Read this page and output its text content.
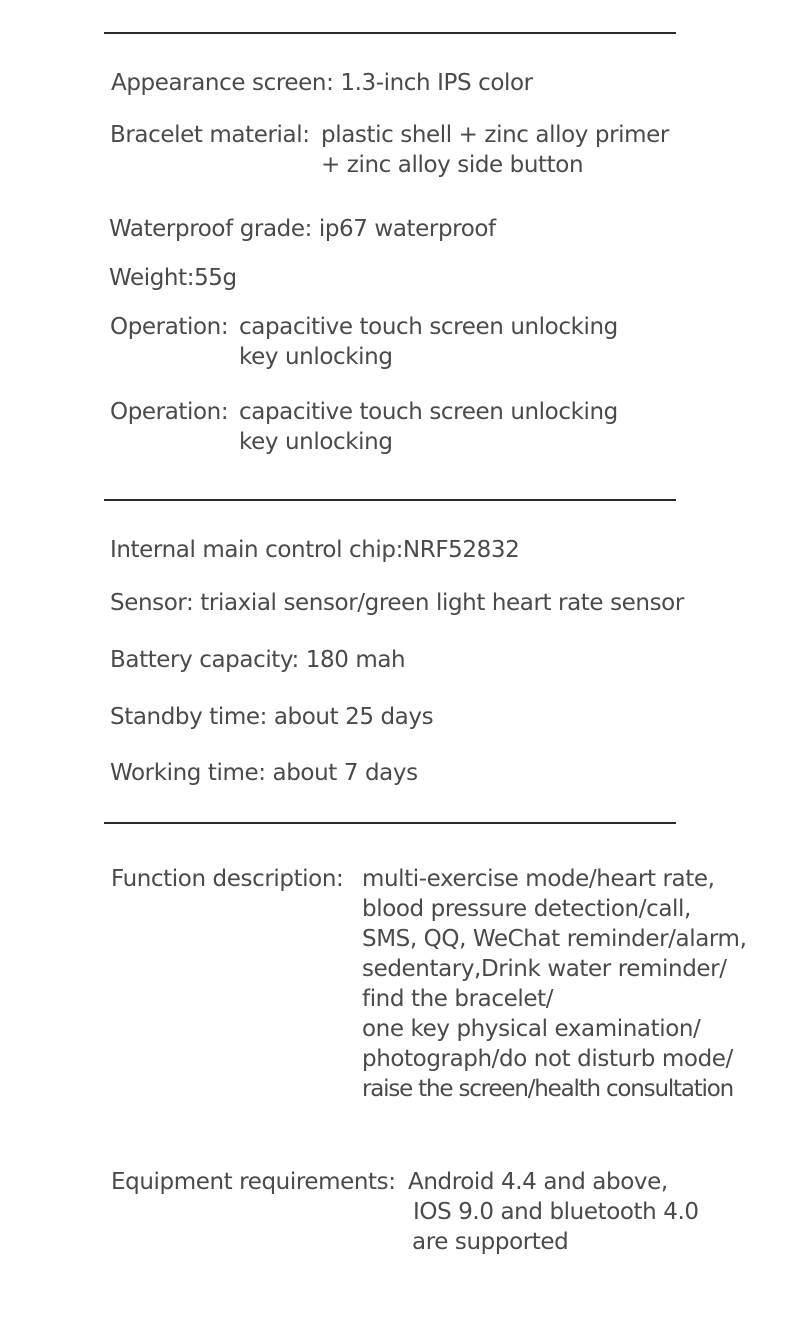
Appearance screen: 1.3-inch IPS color
Bracelet material: plastic shell + zinc alloy primer
+ zinc alloy side button
Waterproof grade: ip67 waterproof
Weight:55g
Operation: capacitive touch screen unlocking
key unlocking
Operation: capacitive touch screen unlocking
key unlocking
Internal main control chip:NRF52832
Sensor: triaxial sensor/green light heart rate sensor
Battery capacity: 180 mah
Standby time: about 25 days
Working time: about 7 days
Function description: multi-exercise mode/heart rate,
blood pressure detection/call,
SMS, QQ, WeChat reminder/alarm,
sedentary,Drink water reminder/
find the bracelet/
one key physical examination/
photograph/do not disturb mode/
raise the screen/health consultation
Equipment requirements: Android 4.4 and above,
IOS 9.0 and bluetooth 4.0
are supported
